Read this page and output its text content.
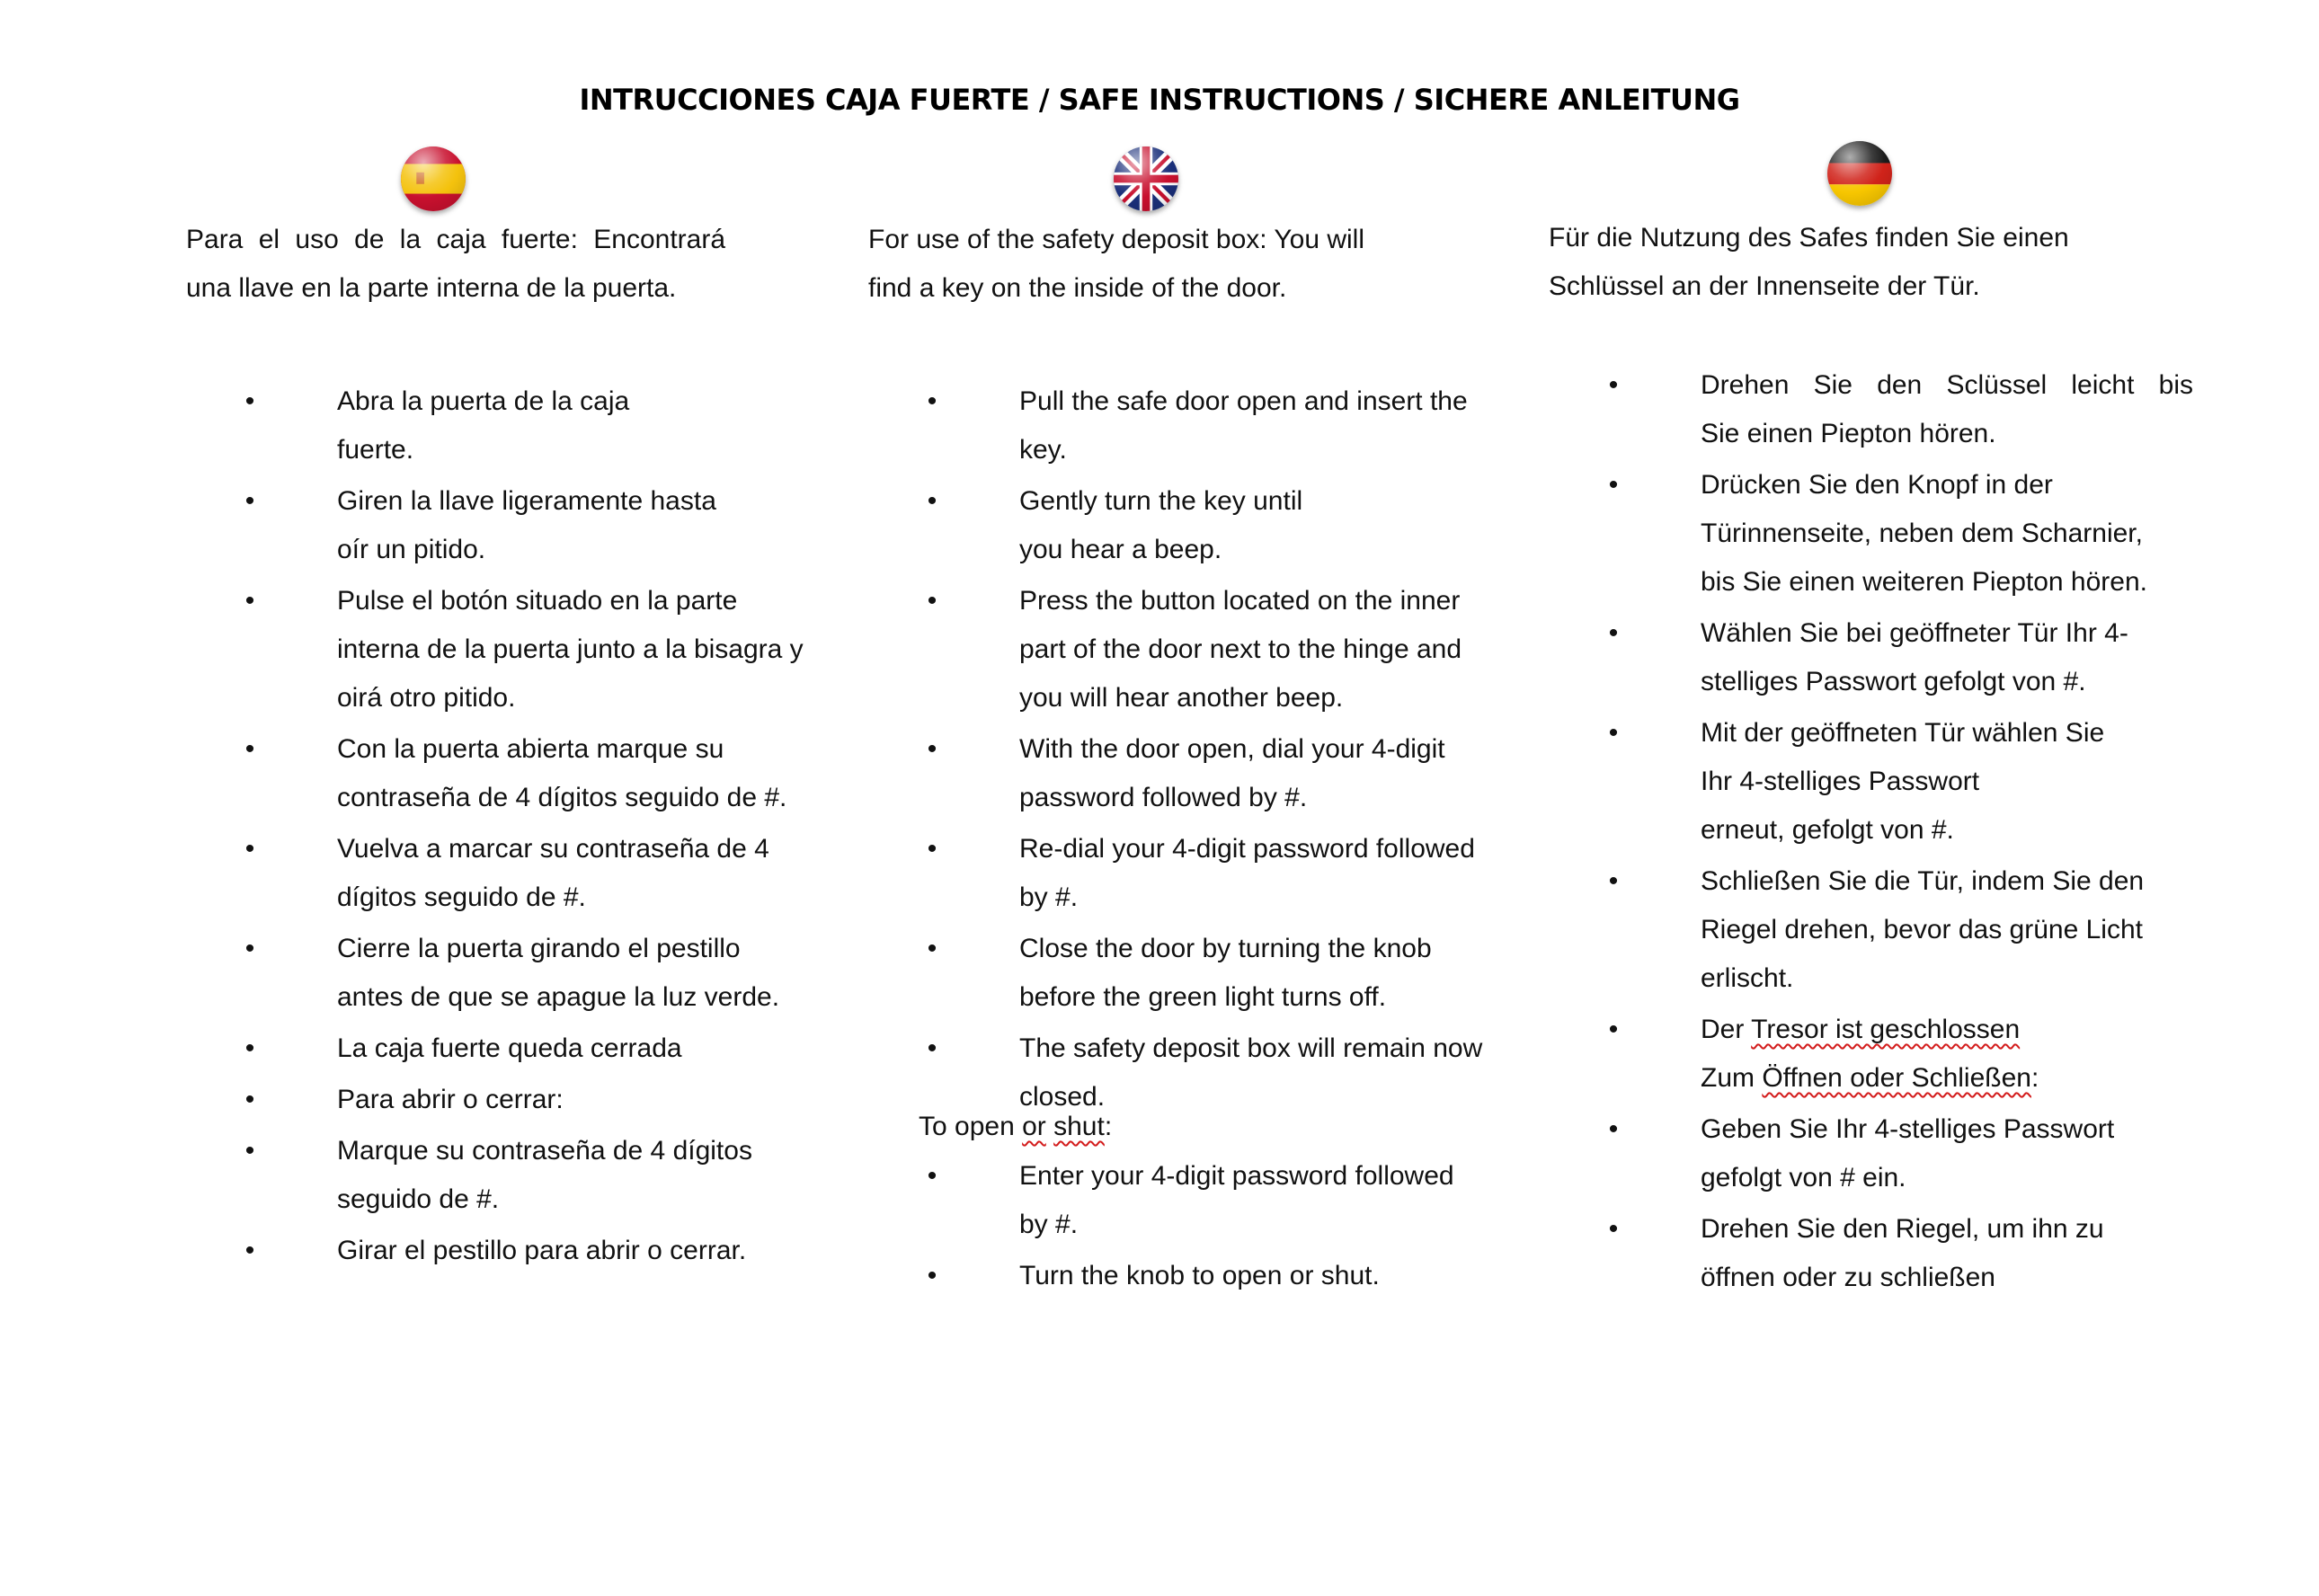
INTRUCCIONES CAJA FUERTE / SAFE INSTRUCTIONS / SICHERE ANLEITUNG

Para el uso de la caja fuerte: Encontrará
una llave en la parte interna de la puerta.

• Abra la puerta de la caja
fuerte.
• Giren la llave ligeramente hasta
oír un pitido.
• Pulse el botón situado en la parte
interna de la puerta junto a la bisagra y
oirá otro pitido.
• Con la puerta abierta marque su
contraseña de 4 dígitos seguido de #.
• Vuelva a marcar su contraseña de 4
dígitos seguido de #.
• Cierre la puerta girando el pestillo
antes de que se apague la luz verde.
• La caja fuerte queda cerrada
• Para abrir o cerrar:
• Marque su contraseña de 4 dígitos
seguido de #.
• Girar el pestillo para abrir o cerrar.

For use of the safety deposit box: You will
find a key on the inside of the door.

• Pull the safe door open and insert the
key.
• Gently turn the key until
you hear a beep.
• Press the button located on the inner
part of the door next to the hinge and
you will hear another beep.
• With the door open, dial your 4-digit
password followed by #.
• Re-dial your 4-digit password followed
by #.
• Close the door by turning the knob
before the green light turns off.
• The safety deposit box will remain now
closed.
To open or shut:
• Enter your 4-digit password followed
by #.
• Turn the knob to open or shut.

Für die Nutzung des Safes finden Sie einen
Schlüssel an der Innenseite der Tür.

• Drehen Sie den Sclüssel leicht bis
Sie einen Piepton hören.
• Drücken Sie den Knopf in der
Türinnenseite, neben dem Scharnier,
bis Sie einen weiteren Piepton hören.
• Wählen Sie bei geöffneter Tür Ihr 4-
stelliges Passwort gefolgt von #.
• Mit der geöffneten Tür wählen Sie
Ihr 4-stelliges Passwort
erneut, gefolgt von #.
• Schließen Sie die Tür, indem Sie den
Riegel drehen, bevor das grüne Licht
erlischt.
• Der Tresor ist geschlossen
Zum Öffnen oder Schließen:
• Geben Sie Ihr 4-stelliges Passwort
gefolgt von # ein.
• Drehen Sie den Riegel, um ihn zu
öffnen oder zu schließen
